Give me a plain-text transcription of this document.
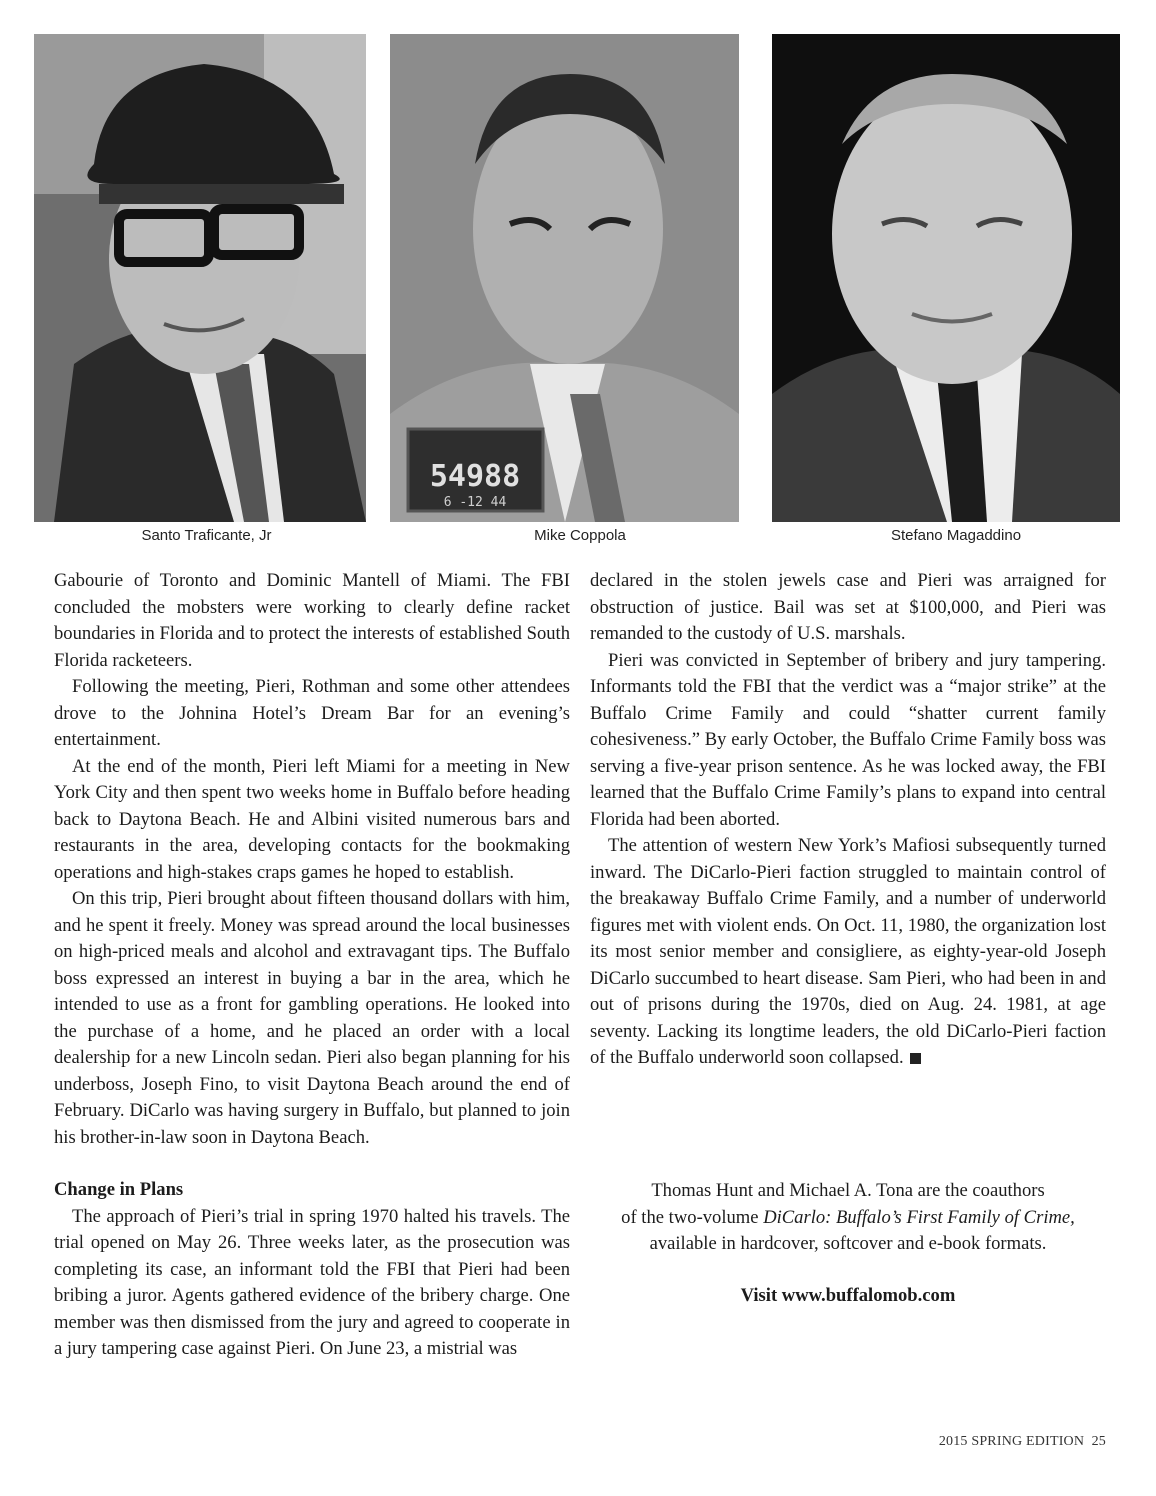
54988
6 -12 44
Santo Traficante, Jr	Mike Coppola	Stefano Magaddino

Gabourie of Toronto and Dominic Mantell of Miami. The FBI concluded the mobsters were working to clearly define racket boundaries in Florida and to protect the interests of established South Florida racketeers.

Following the meeting, Pieri, Rothman and some other attendees drove to the Johnina Hotel’s Dream Bar for an evening’s entertainment.

At the end of the month, Pieri left Miami for a meeting in New York City and then spent two weeks home in Buffalo before heading back to Daytona Beach. He and Albini visited numerous bars and restaurants in the area, developing contacts for the bookmaking operations and high-stakes craps games he hoped to establish.

On this trip, Pieri brought about fifteen thousand dollars with him, and he spent it freely. Money was spread around the local businesses on high-priced meals and alcohol and extravagant tips. The Buffalo boss expressed an interest in buying a bar in the area, which he intended to use as a front for gambling operations. He looked into the purchase of a home, and he placed an order with a local dealership for a new Lincoln sedan. Pieri also began planning for his underboss, Joseph Fino, to visit Daytona Beach around the end of February. DiCarlo was having surgery in Buffalo, but planned to join his brother-in-law soon in Daytona Beach.

Change in Plans

The approach of Pieri’s trial in spring 1970 halted his travels. The trial opened on May 26. Three weeks later, as the prosecution was completing its case, an informant told the FBI that Pieri had been bribing a juror. Agents gathered evidence of the bribery charge. One member was then dismissed from the jury and agreed to cooperate in a jury tampering case against Pieri. On June 23, a mistrial was

declared in the stolen jewels case and Pieri was arraigned for obstruction of justice. Bail was set at $100,000, and Pieri was remanded to the custody of U.S. marshals.

Pieri was convicted in September of bribery and jury tampering. Informants told the FBI that the verdict was a “major strike” at the Buffalo Crime Family and could “shatter current family cohesiveness.” By early October, the Buffalo Crime Family boss was serving a five-year prison sentence. As he was locked away, the FBI learned that the Buffalo Crime Family’s plans to expand into central Florida had been aborted.

The attention of western New York’s Mafiosi subsequently turned inward. The DiCarlo-Pieri faction struggled to maintain control of the breakaway Buffalo Crime Family, and a number of underworld figures met with violent ends. On Oct. 11, 1980, the organization lost its most senior member and consigliere, as eighty-year-old Joseph DiCarlo succumbed to heart disease. Sam Pieri, who had been in and out of prisons during the 1970s, died on Aug. 24. 1981, at age seventy. Lacking its longtime leaders, the old DiCarlo-Pieri faction of the Buffalo underworld soon collapsed.

Thomas Hunt and Michael A. Tona are the coauthors

of the two-volume DiCarlo: Buffalo’s First Family of Crime,

available in hardcover, softcover and e-book formats.

Visit www.buffalomob.com

2015 SPRING EDITION 25
